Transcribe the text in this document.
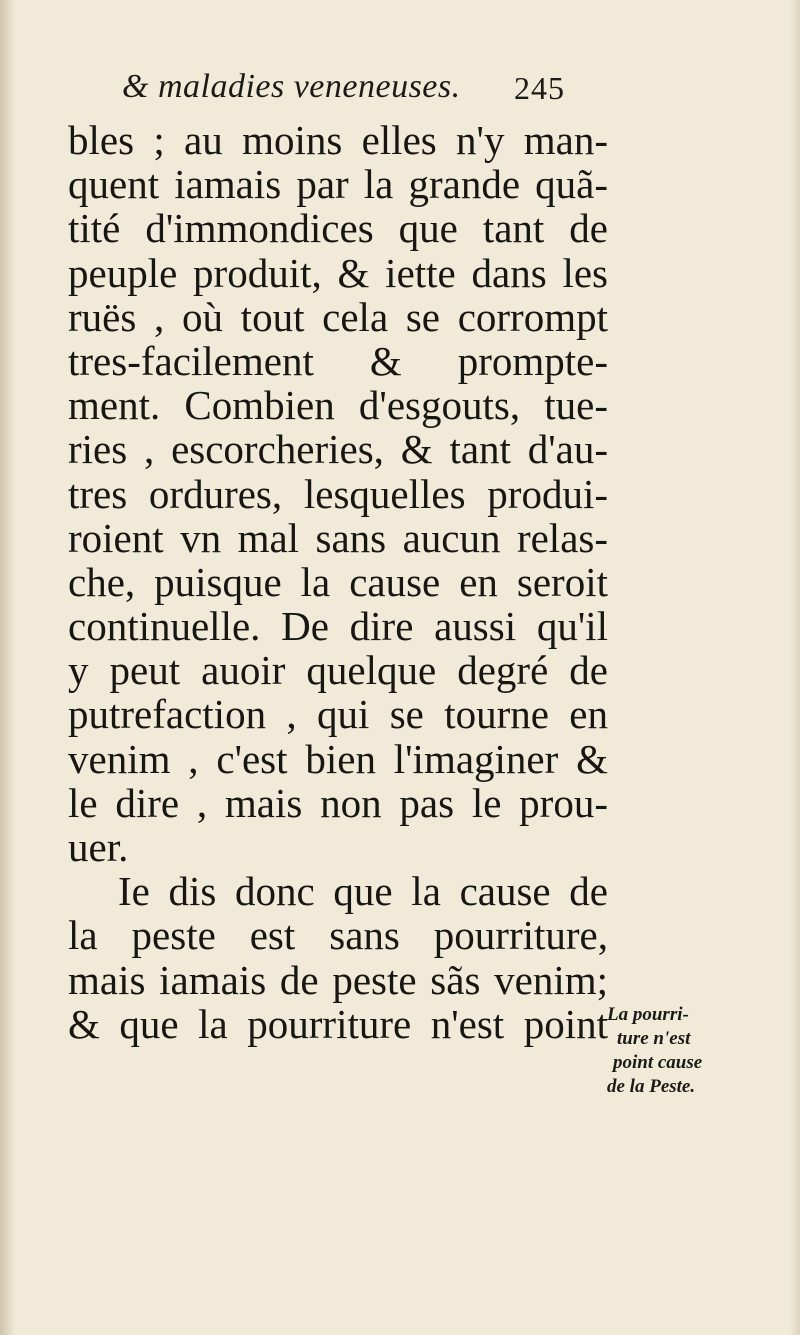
& maladies veneneuses. 245
bles ; au moins elles n'y man-
quent iamais par la grande quã-
tité d'immondices que tant de
peuple produit, & iette dans les
ruës , où tout cela se corrompt
tres-facilement & prompte-
ment. Combien d'esgouts, tue-
ries , escorcheries, & tant d'au-
tres ordures, lesquelles produi-
roient vn mal sans aucun relas-
che, puisque la cause en seroit
continuelle. De dire aussi qu'il
y peut auoir quelque degré de
putrefaction , qui se tourne en
venim , c'est bien l'imaginer &
le dire , mais non pas le prou-
uer.
Ie dis donc que la cause de
la peste est sans pourriture,
mais iamais de peste sãs venim;
& que la pourriture n'est point La pourri-
ture n'est
point cause
de la Peste.
